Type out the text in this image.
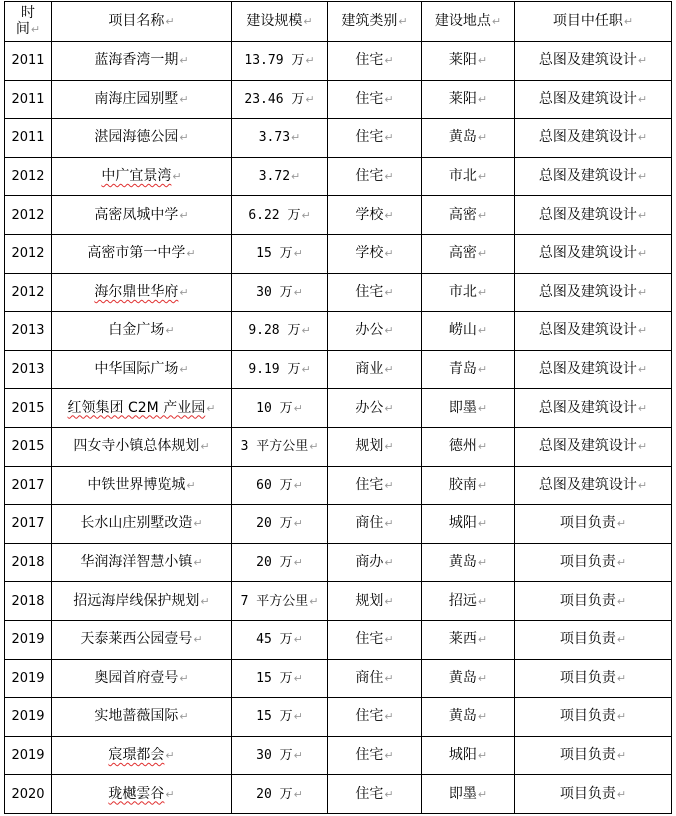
时
间↵	项目名称↵	建设规模↵	建筑类别↵	建设地点↵	项目中任职↵
2011	蓝海香湾一期↵	13.79 万↵	住宅↵	莱阳↵	总图及建筑设计↵
2011	南海庄园别墅↵	23.46 万↵	住宅↵	莱阳↵	总图及建筑设计↵
2011	湛园海德公园↵	3.73↵	住宅↵	黄岛↵	总图及建筑设计↵
2012	中广宜景湾↵	3.72↵	住宅↵	市北↵	总图及建筑设计↵
2012	高密凤城中学↵	6.22 万↵	学校↵	高密↵	总图及建筑设计↵
2012	高密市第一中学↵	15 万↵	学校↵	高密↵	总图及建筑设计↵
2012	海尔鼎世华府↵	30 万↵	住宅↵	市北↵	总图及建筑设计↵
2013	白金广场↵	9.28 万↵	办公↵	崂山↵	总图及建筑设计↵
2013	中华国际广场↵	9.19 万↵	商业↵	青岛↵	总图及建筑设计↵
2015	红领集团 C2M 产业园↵	10 万↵	办公↵	即墨↵	总图及建筑设计↵
2015	四女寺小镇总体规划↵	3 平方公里↵	规划↵	德州↵	总图及建筑设计↵
2017	中铁世界博览城↵	60 万↵	住宅↵	胶南↵	总图及建筑设计↵
2017	长水山庄别墅改造↵	20 万↵	商住↵	城阳↵	项目负责↵
2018	华润海洋智慧小镇↵	20 万↵	商办↵	黄岛↵	项目负责↵
2018	招远海岸线保护规划↵	7 平方公里↵	规划↵	招远↵	项目负责↵
2019	天泰莱西公园壹号↵	45 万↵	住宅↵	莱西↵	项目负责↵
2019	奥园首府壹号↵	15 万↵	商住↵	黄岛↵	项目负责↵
2019	实地蔷薇国际↵	15 万↵	住宅↵	黄岛↵	项目负责↵
2019	宸璟都会↵	30 万↵	住宅↵	城阳↵	项目负责↵
2020	珑樾雲谷↵	20 万↵	住宅↵	即墨↵	项目负责↵
